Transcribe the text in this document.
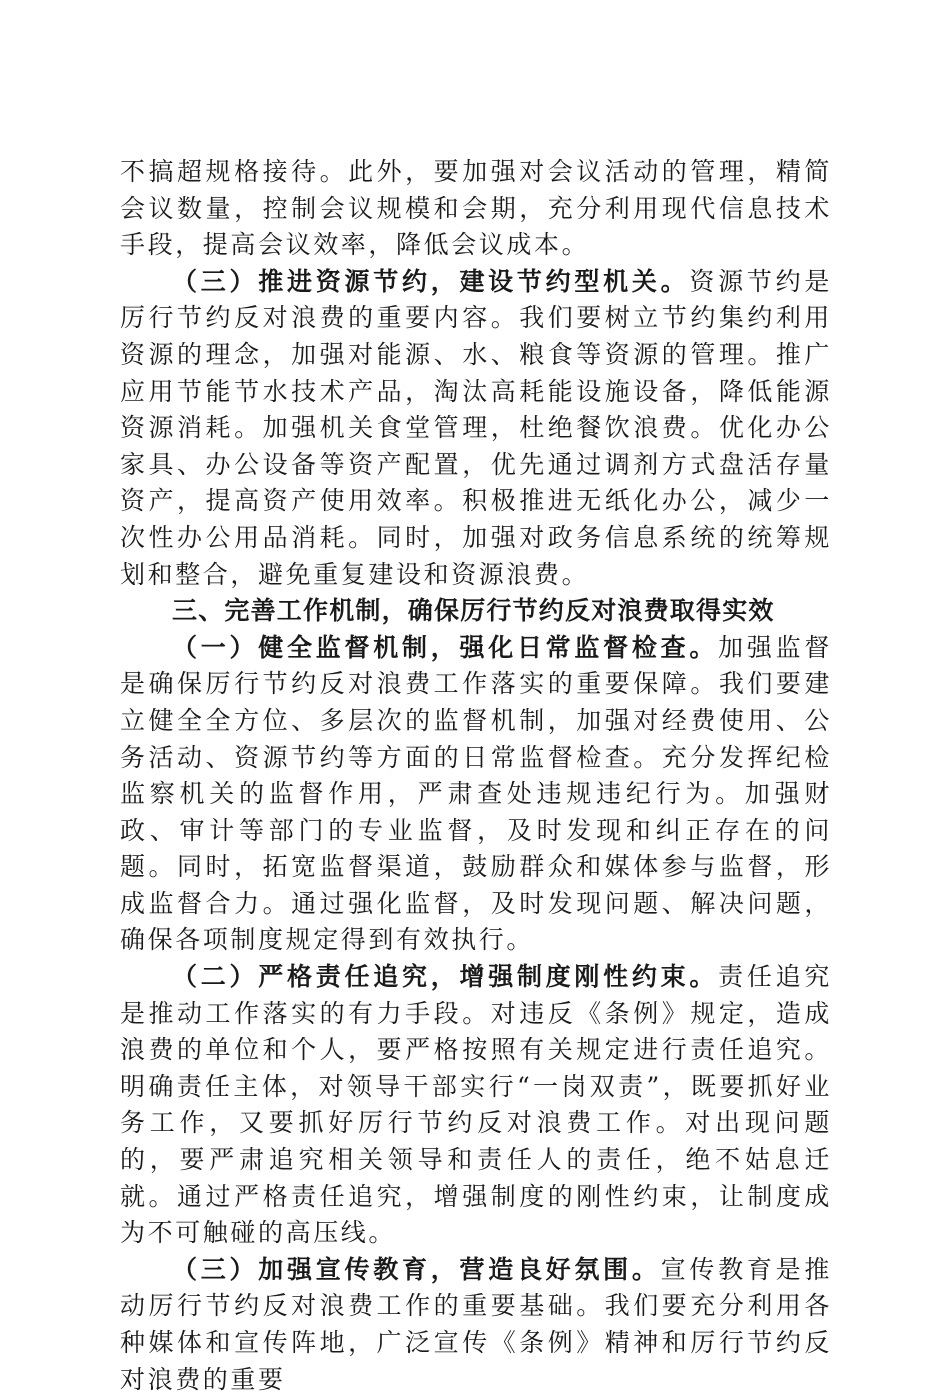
不搞超规格接待。此外，要加强对会议活动的管理，精简会议数量，控制会议规模和会期，充分利用现代信息技术手段，提高会议效率，降低会议成本。

（三）推进资源节约，建设节约型机关。资源节约是厉行节约反对浪费的重要内容。我们要树立节约集约利用资源的理念，加强对能源、水、粮食等资源的管理。推广应用节能节水技术产品，淘汰高耗能设施设备，降低能源资源消耗。加强机关食堂管理，杜绝餐饮浪费。优化办公家具、办公设备等资产配置，优先通过调剂方式盘活存量资产，提高资产使用效率。积极推进无纸化办公，减少一次性办公用品消耗。同时，加强对政务信息系统的统筹规划和整合，避免重复建设和资源浪费。

三、完善工作机制，确保厉行节约反对浪费取得实效

（一）健全监督机制，强化日常监督检查。加强监督是确保厉行节约反对浪费工作落实的重要保障。我们要建立健全全方位、多层次的监督机制，加强对经费使用、公务活动、资源节约等方面的日常监督检查。充分发挥纪检监察机关的监督作用，严肃查处违规违纪行为。加强财政、审计等部门的专业监督，及时发现和纠正存在的问题。同时，拓宽监督渠道，鼓励群众和媒体参与监督，形成监督合力。通过强化监督，及时发现问题、解决问题，确保各项制度规定得到有效执行。

（二）严格责任追究，增强制度刚性约束。责任追究是推动工作落实的有力手段。对违反《条例》规定，造成浪费的单位和个人，要严格按照有关规定进行责任追究。明确责任主体，对领导干部实行“一岗双责”，既要抓好业务工作，又要抓好厉行节约反对浪费工作。对出现问题的，要严肃追究相关领导和责任人的责任，绝不姑息迁就。通过严格责任追究，增强制度的刚性约束，让制度成为不可触碰的高压线。

（三）加强宣传教育，营造良好氛围。宣传教育是推动厉行节约反对浪费工作的重要基础。我们要充分利用各种媒体和宣传阵地，广泛宣传《条例》精神和厉行节约反对浪费的重要
